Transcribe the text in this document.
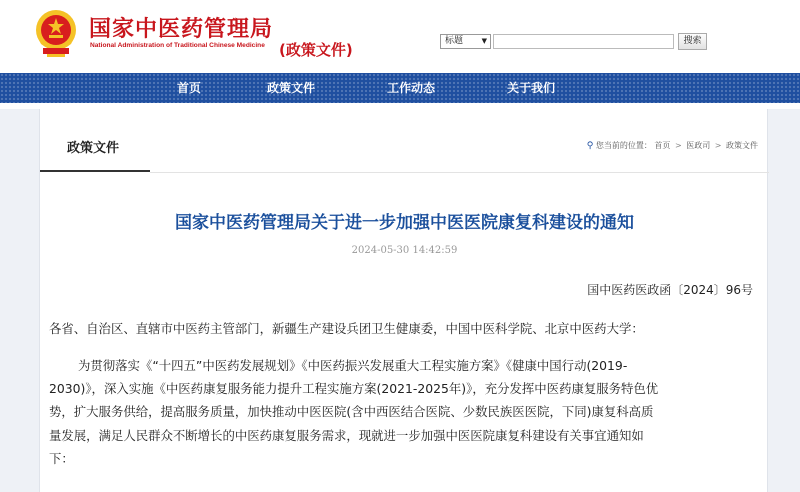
国家中医药管理局
National Administration of Traditional Chinese Medicine (政策文件)	标题	▼	搜索
首页	政策文件	工作动态	关于我们
政策文件	⚲ 您当前的位置： 首页 > 医政司 > 政策文件
国家中医药管理局关于进一步加强中医医院康复科建设的通知
2024-05-30 14:42:59
国中医药医政函〔2024〕96号
各省、自治区、直辖市中医药主管部门，新疆生产建设兵团卫生健康委，中国中医科学院、北京中医药大学：
为贯彻落实《“十四五”中医药发展规划》《中医药振兴发展重大工程实施方案》《健康中国行动(2019-
2030)》，深入实施《中医药康复服务能力提升工程实施方案(2021-2025年)》，充分发挥中医药康复服务特色优
势，扩大服务供给，提高服务质量，加快推动中医医院(含中西医结合医院、少数民族医医院，下同)康复科高质
量发展，满足人民群众不断增长的中医药康复服务需求，现就进一步加强中医医院康复科建设有关事宜通知如
下：
